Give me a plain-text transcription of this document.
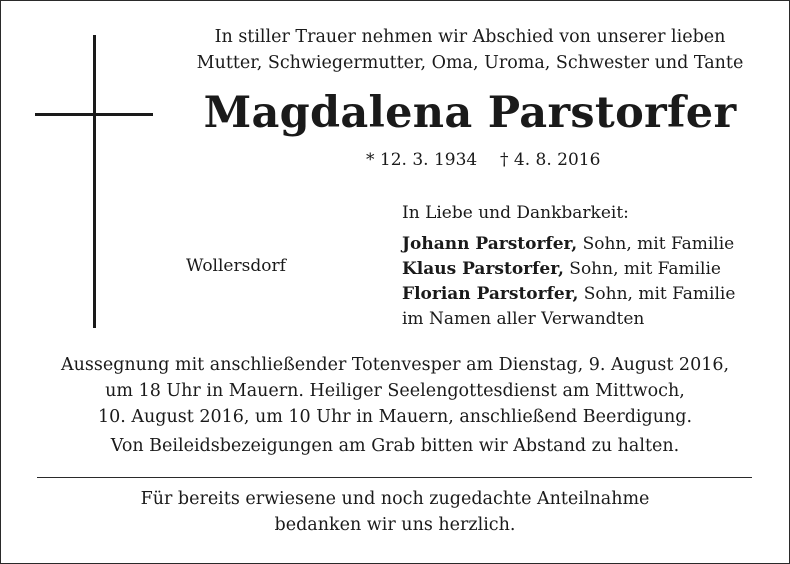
In stiller Trauer nehmen wir Abschied von unserer lieben
Mutter, Schwiegermutter, Oma, Uroma, Schwester und Tante
Magdalena Parstorfer
* 12. 3. 1934 † 4. 8. 2016
Wollersdorf
In Liebe und Dankbarkeit:
Johann Parstorfer, Sohn, mit Familie
Klaus Parstorfer, Sohn, mit Familie
Florian Parstorfer, Sohn, mit Familie
im Namen aller Verwandten
Aussegnung mit anschließender Totenvesper am Dienstag, 9. August 2016,
um 18 Uhr in Mauern. Heiliger Seelengottesdienst am Mittwoch,
10. August 2016, um 10 Uhr in Mauern, anschließend Beerdigung.
Von Beileidsbezeigungen am Grab bitten wir Abstand zu halten.
Für bereits erwiesene und noch zugedachte Anteilnahme
bedanken wir uns herzlich.
